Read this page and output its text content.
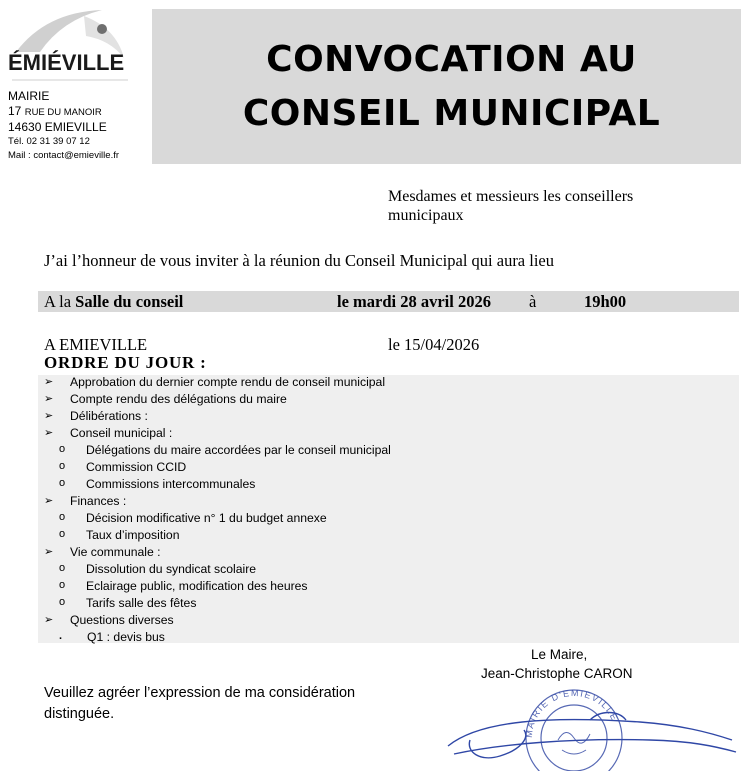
ÉMIÉVILLE
MAIRIE
17 RUE DU MANOIR
14630 EMIEVILLE
Tél. 02 31 39 07 12
Mail : contact@emieville.fr
CONVOCATION AU
CONSEIL MUNICIPAL
Mesdames et messieurs les conseillers municipaux
J’ai l’honneur de vous inviter à la réunion du Conseil Municipal qui aura lieu
A la Salle du conseil	le mardi 28 avril 2026 à	19h00
A EMIEVILLE	le 15/04/2026
ORDRE DU JOUR :
➢ Approbation du dernier compte rendu de conseil municipal
➢ Compte rendu des délégations du maire
➢ Délibérations :
➢ Conseil municipal :
o Délégations du maire accordées par le conseil municipal
o Commission CCID
o Commissions intercommunales
➢ Finances :
o Décision modificative n° 1 du budget annexe
o Taux d’imposition
➢ Vie communale :
o Dissolution du syndicat scolaire
o Eclairage public, modification des heures
o Tarifs salle des fêtes
➢ Questions diverses
. Q1 : devis bus
Le Maire,
Jean-Christophe CARON
Veuillez agréer l’expression de ma considération distinguée.
MAIRIE D'EMIEVILLE
